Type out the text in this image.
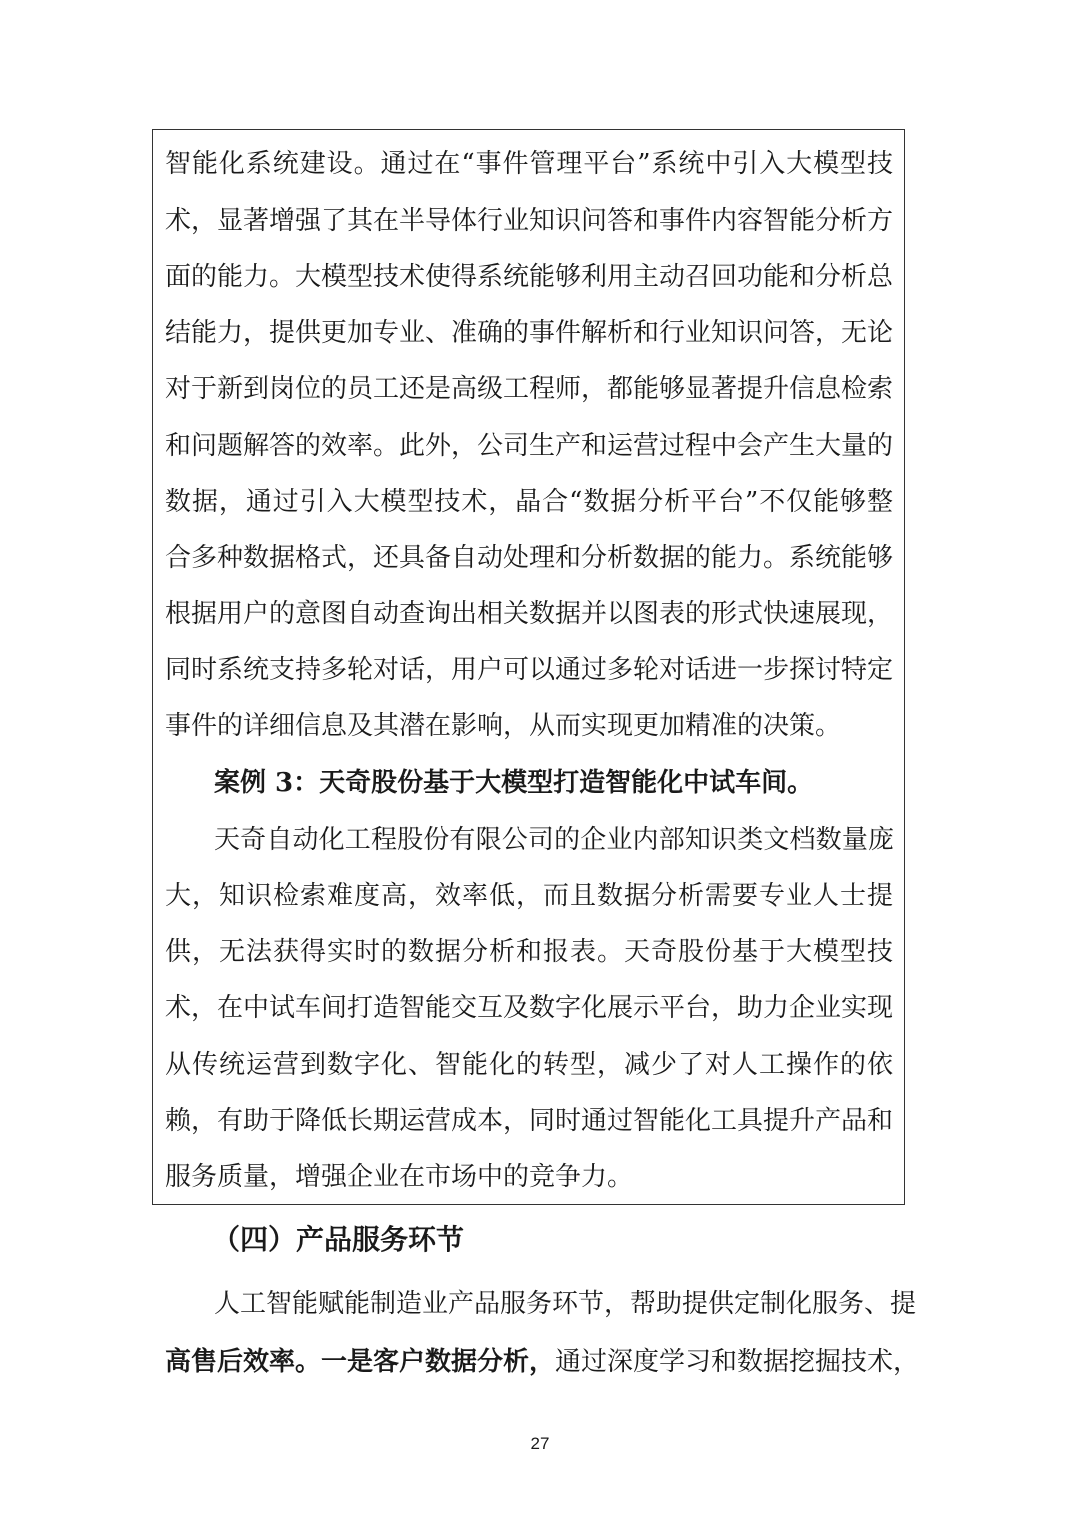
智能化系统建设。通过在“事件管理平台”系统中引入大模型技
术，显著增强了其在半导体行业知识问答和事件内容智能分析方
面的能力。大模型技术使得系统能够利用主动召回功能和分析总
结能力，提供更加专业、准确的事件解析和行业知识问答，无论
对于新到岗位的员工还是高级工程师，都能够显著提升信息检索
和问题解答的效率。此外，公司生产和运营过程中会产生大量的
数据，通过引入大模型技术，晶合“数据分析平台”不仅能够整
合多种数据格式，还具备自动处理和分析数据的能力。系统能够
根据用户的意图自动查询出相关数据并以图表的形式快速展现，
同时系统支持多轮对话，用户可以通过多轮对话进一步探讨特定
事件的详细信息及其潜在影响，从而实现更加精准的决策。
案例 3：天奇股份基于大模型打造智能化中试车间。
天奇自动化工程股份有限公司的企业内部知识类文档数量庞
大，知识检索难度高，效率低，而且数据分析需要专业人士提
供，无法获得实时的数据分析和报表。天奇股份基于大模型技
术，在中试车间打造智能交互及数字化展示平台，助力企业实现
从传统运营到数字化、智能化的转型，减少了对人工操作的依
赖，有助于降低长期运营成本，同时通过智能化工具提升产品和
服务质量，增强企业在市场中的竞争力。
（四）产品服务环节
人工智能赋能制造业产品服务环节，帮助提供定制化服务、提
高售后效率。一是客户数据分析，通过深度学习和数据挖掘技术，
27
